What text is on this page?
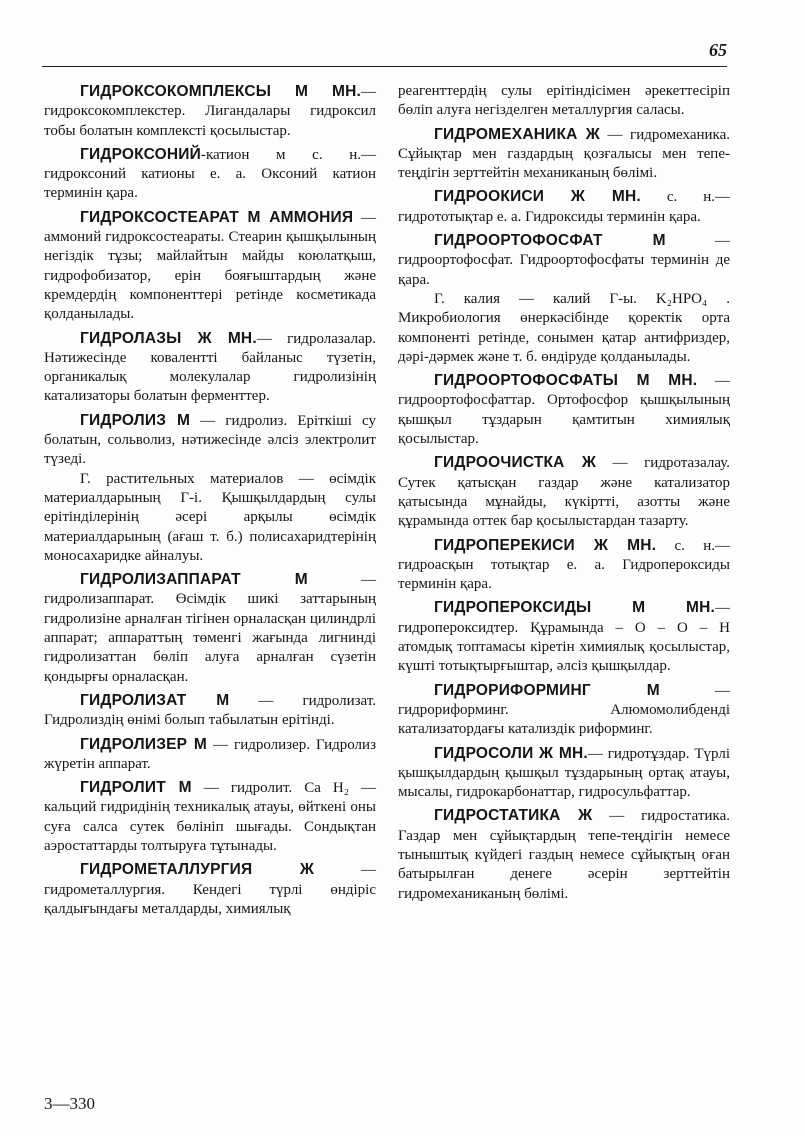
65

ГИДРОКСОКОМПЛЕКСЫ М МН.— гидроксокомплекстер. Лигандалары гидроксил тобы болатын комплексті қосылыстар.

ГИДРОКСОНИЙ-катион м с. н.— гидроксоний катионы е. а. Оксоний катион терминін қара.

ГИДРОКСОСТЕАРАТ М АММОНИЯ — аммоний гидроксостеараты. Стеарин қышқылының негіздік тұзы; майлайтын майды коюлатқыш, гидрофобизатор, ерін бояғыштардың және кремдердің компоненттері ретінде косметикада қолданылады.

ГИДРОЛАЗЫ Ж МН.— гидролазалар. Нәтижесінде коваленттi байланыс түзетін, органикалық молекулалар гидролизінің катализаторы болатын ферменттер.

ГИДРОЛИЗ М — гидролиз. Еріткіші су болатын, сольволиз, нәтижесінде әлсіз электролит түзеді.

Г. растительных материалов — өсімдік материалдарының Г-і. Қышқылдардың сулы ерітінділерінің әсері арқылы өсімдік материалдарының (ағаш т. б.) полисахаридтерінің моносахаридке айналуы.

ГИДРОЛИЗАППАРАТ М	— гидролизаппарат. Өсімдік шикі заттарының гидролизіне арналған тігінен орналасқан цилиндрлі аппарат; аппараттың төменгі жағында лигнинді гидролизаттан бөліп алуға арналған сүзетін қондырғы орналасқан.

ГИДРОЛИЗАТ М — гидролизат. Гидролиздің өнімі болып табылатын ерітінді.

ГИДРОЛИЗЕР М — гидролизер. Гидролиз жүретін аппарат.

ГИДРОЛИТ М — гидролит. Ca H₂ — кальций гидридінің техникалық атауы, өйткені оны суға салса сутек бөлініп шығады. Сондықтан аэростаттарды толтыруға тұтынады.

ГИДРОМЕТАЛЛУРГИЯ Ж	— гидрометаллургия. Кендегі түрлі өндіріс қалдығындағы металдарды, химиялық

реагенттердің сулы ерітіндісімен әрекеттесіріп бөліп алуға негізделген металлургия саласы.

ГИДРОМЕХАНИКА Ж — гидромеханика. Сұйықтар мен газдардың қозғалысы мен тепе-теңдігін зерттейтін механиканың бөлімі.

ГИДРООКИСИ Ж МН. с. н.— гидрототықтар е. а. Гидроксиды терминін қара.

ГИДРООРТОФОСФАТ М	— гидроортофосфат. Гидроортофосфаты терминін де қара.

Г. калия — калий Г-ы. K₂HPO₄ . Микробиология өнеркәсібінде қоректік орта компоненті ретінде, сонымен қатар антифриздер, дәрі-дәрмек және т. б. өндіруде қолданылады.

ГИДРООРТОФОСФАТЫ М МН. — гидроортофосфаттар. Ортофосфор қышқылының қышқыл тұздарын қамтитын химиялық қосылыстар.

ГИДРООЧИСТКА Ж — гидротазалау. Сутек қатысқан газдар және катализатор қатысында мұнайды, күкіртті, азотты және құрамында оттек бар қосылыстардан тазарту.

ГИДРОПЕРЕКИСИ Ж МН. с. н.— гидроасқын тотықтар е. а. Гидропероксиды терминін қара.

ГИДРОПЕРОКСИДЫ М МН.— гидропероксидтер. Құрамында – O – O – H атомдық топтамасы кіретін химиялық қосылыстар, күшті тотықтырғыштар, әлсіз қышқылдар.

ГИДРОРИФОРМИНГ М	— гидрориформинг. Алюмомолибденді катализатордағы катализдік риформинг.

ГИДРОСОЛИ Ж МН.— гидротұздар. Түрлі қышқылдардың қышқыл тұздарының ортақ атауы, мысалы, гидрокарбонаттар, гидросульфаттар.

ГИДРОСТАТИКА Ж — гидростатика. Газдар мен сұйықтардың тепе-теңдігін немесе тыныштық күйдегі газдың немесе сұйықтың оған батырылған денеге әсерін зерттейтін гидромеханиканың бөлімі.

3—330
